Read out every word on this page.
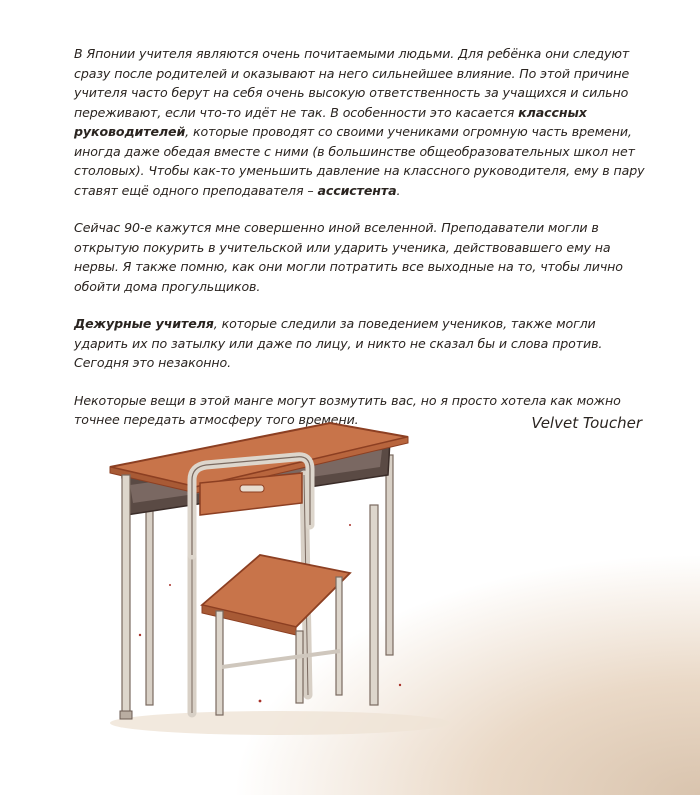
В Японии учителя являются очень почитаемыми людьми. Для ребёнка они следуют сразу после родителей и оказывают на него сильнейшее влияние. По этой причине учителя часто берут на себя очень высокую ответственность за учащихся и сильно переживают, если что-то идёт не так. В особенности это касается классных руководителей, которые проводят со своими учениками огромную часть времени, иногда даже обедая вместе с ними (в большинстве общеобразовательных школ нет столовых). Чтобы как-то уменьшить давление на классного руководителя, ему в пару ставят ещё одного преподавателя – ассистента.

Сейчас 90-е кажутся мне совершенно иной вселенной. Преподаватели могли в открытую покурить в учительской или ударить ученика, действовавшего ему на нервы. Я также помню, как они могли потратить все выходные на то, чтобы лично обойти дома прогульщиков.

Дежурные учителя, которые следили за поведением учеников, также могли ударить их по затылку или даже по лицу, и никто не сказал бы и слова против. Сегодня это незаконно.

Некоторые вещи в этой манге могут возмутить вас, но я просто хотела как можно точнее передать атмосферу того времени.	Velvet Toucher
